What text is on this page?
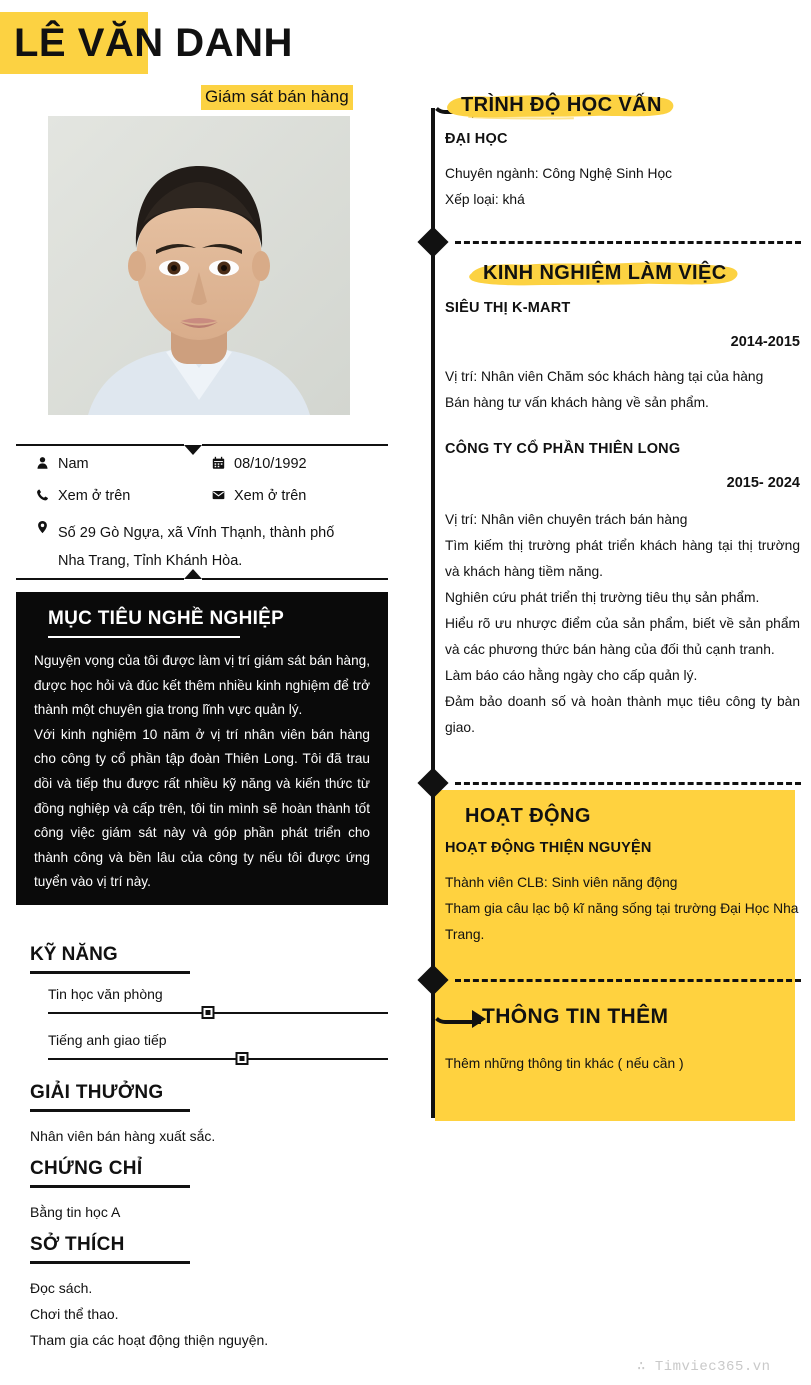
LÊ VĂN DANH
Giám sát bán hàng
Nam	08/10/1992
Xem ở trên	Xem ở trên
Số 29 Gò Ngựa, xã Vĩnh Thạnh, thành phố
Nha Trang, Tỉnh Khánh Hòa.
MỤC TIÊU NGHỀ NGHIỆP

Nguyện vọng của tôi được làm vị trí giám sát bán hàng, được học hỏi và đúc kết thêm nhiều kinh nghiệm để trở thành một chuyên gia trong lĩnh vực quản lý.

Với kinh nghiệm 10 năm ở vị trí nhân viên bán hàng cho công ty cổ phần tập đoàn Thiên Long. Tôi đã trau dồi và tiếp thu được rất nhiều kỹ năng và kiến thức từ đồng nghiệp và cấp trên, tôi tin mình sẽ hoàn thành tốt công việc giám sát này và góp phần phát triển cho thành công và bền lâu của công ty nếu tôi được ứng tuyển vào vị trí này.

KỸ NĂNG
Tin học văn phòng
Tiếng anh giao tiếp
GIẢI THƯỞNG
Nhân viên bán hàng xuất sắc.
CHỨNG CHỈ
Bằng tin học A
SỞ THÍCH
Đọc sách.
Chơi thể thao.
Tham gia các hoạt động thiện nguyện.
TRÌNH ĐỘ HỌC VẤN
ĐẠI HỌC

Chuyên ngành: Công Nghệ Sinh Học

Xếp loại: khá

KINH NGHIỆM LÀM VIỆC
SIÊU THỊ K-MART
2014-2015

Vị trí: Nhân viên Chăm sóc khách hàng tại của hàng

Bán hàng tư vấn khách hàng về sản phẩm.

CÔNG TY CỔ PHẦN THIÊN LONG
2015- 2024

Vị trí: Nhân viên chuyên trách bán hàng

Tìm kiếm thị trường phát triển khách hàng tại thị trường và khách hàng tiềm năng.

Nghiên cứu phát triển thị trường tiêu thụ sản phẩm.

Hiểu rõ ưu nhược điểm của sản phẩm, biết về sản phẩm và các phương thức bán hàng của đối thủ cạnh tranh.

Làm báo cáo hằng ngày cho cấp quản lý.

Đảm bảo doanh số và hoàn thành mục tiêu công ty bàn giao.

HOẠT ĐỘNG
HOẠT ĐỘNG THIỆN NGUYỆN

Thành viên CLB: Sinh viên năng động

Tham gia câu lạc bộ kĩ năng sống tại trường Đại Học Nha Trang.

THÔNG TIN THÊM

Thêm những thông tin khác ( nếu cần )

∴ Timviec365.vn
